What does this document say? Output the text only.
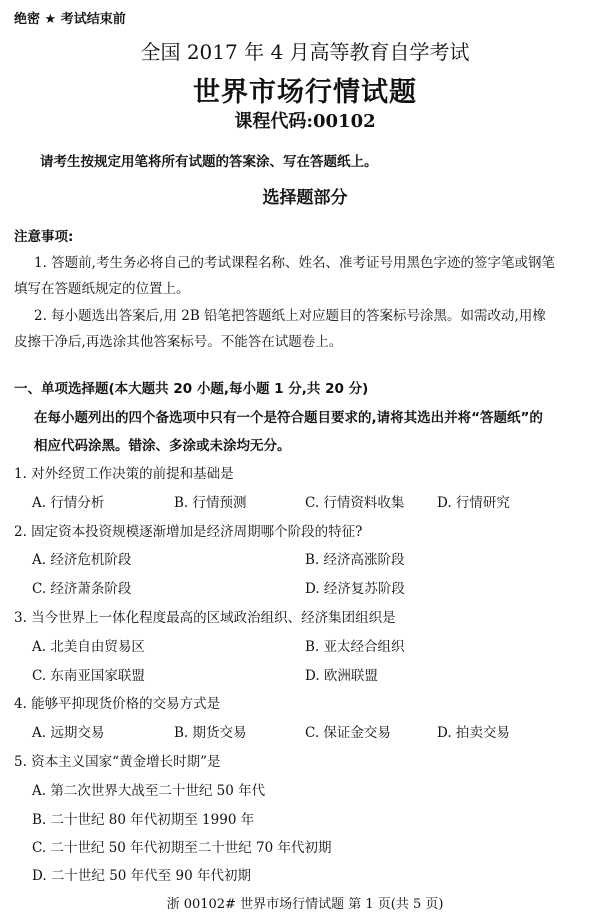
绝密 ★ 考试结束前
全国 2017 年 4 月高等教育自学考试
世界市场行情试题
课程代码:00102
请考生按规定用笔将所有试题的答案涂、写在答题纸上。
选择题部分
注意事项:
1. 答题前,考生务必将自己的考试课程名称、姓名、准考证号用黑色字迹的签字笔或钢笔
填写在答题纸规定的位置上。
2. 每小题选出答案后,用 2B 铅笔把答题纸上对应题目的答案标号涂黑。如需改动,用橡
皮擦干净后,再选涂其他答案标号。不能答在试题卷上。
一、单项选择题(本大题共 20 小题,每小题 1 分,共 20 分)
在每小题列出的四个备选项中只有一个是符合题目要求的,请将其选出并将“答题纸”的
相应代码涂黑。错涂、多涂或未涂均无分。
1. 对外经贸工作决策的前提和基础是
A. 行情分析	B. 行情预测	C. 行情资料收集 D. 行情研究
2. 固定资本投资规模逐渐增加是经济周期哪个阶段的特征?
A. 经济危机阶段	B. 经济高涨阶段
C. 经济萧条阶段	D. 经济复苏阶段
3. 当今世界上一体化程度最高的区域政治组织、经济集团组织是
A. 北美自由贸易区	B. 亚太经合组织
C. 东南亚国家联盟	D. 欧洲联盟
4. 能够平抑现货价格的交易方式是
A. 远期交易	B. 期货交易	C. 保证金交易	D. 拍卖交易
5. 资本主义国家“黄金增长时期”是
A. 第二次世界大战至二十世纪 50 年代
B. 二十世纪 80 年代初期至 1990 年
C. 二十世纪 50 年代初期至二十世纪 70 年代初期
D. 二十世纪 50 年代至 90 年代初期
浙 00102# 世界市场行情试题 第 1 页(共 5 页)
